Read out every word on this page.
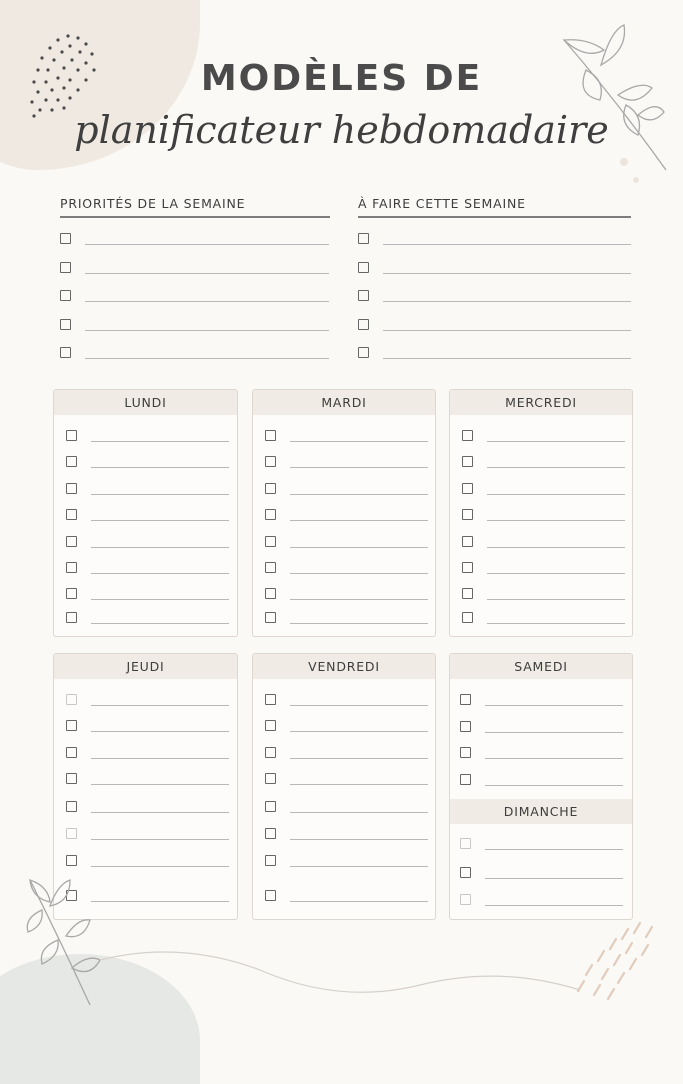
MODÈLES DE
planificateur hebdomadaire
PRIORITÉS DE LA SEMAINE	À FAIRE CETTE SEMAINE
LUNDI	MARDI	MERCREDI
JEUDI	VENDREDI	SAMEDI
DIMANCHE
